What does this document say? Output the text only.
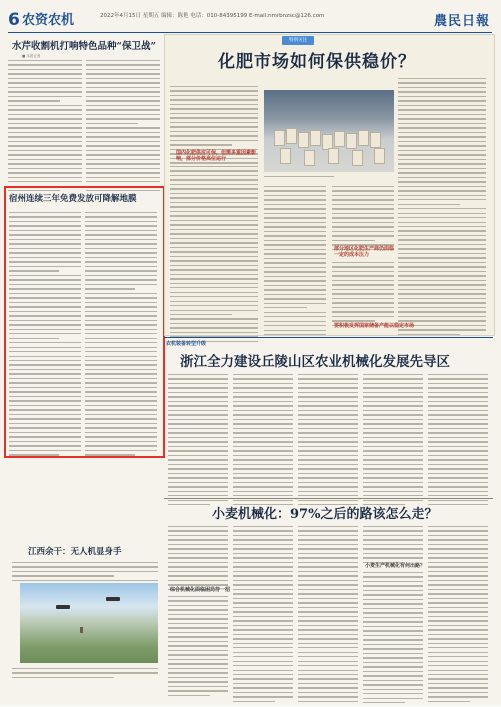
6 农资农机	2022年4月15日 星期五 编辑：陈艳 电话：010-84395199 E-mail:nmrbnzsc@126.com	農民日報
水芹收割机打响特色品种“保卫战”
■ 本报记者
宿州连续三年免费发放可降解地膜
江西余干：无人机显身手
特别关注
化肥市场如何保供稳价？
国内化肥供应可保，但需多重因素影响，部分价格高位运行
部分地区化肥生产商仍面临一定的成本压力
要积极发挥国家储备产能以稳定市场
农机装备转型升级
浙江全力建设丘陵山区农业机械化发展先导区
小麦机械化：97%之后的路该怎么走？
综合机械化面临困局待一招
小麦生产机械化有何出路？
